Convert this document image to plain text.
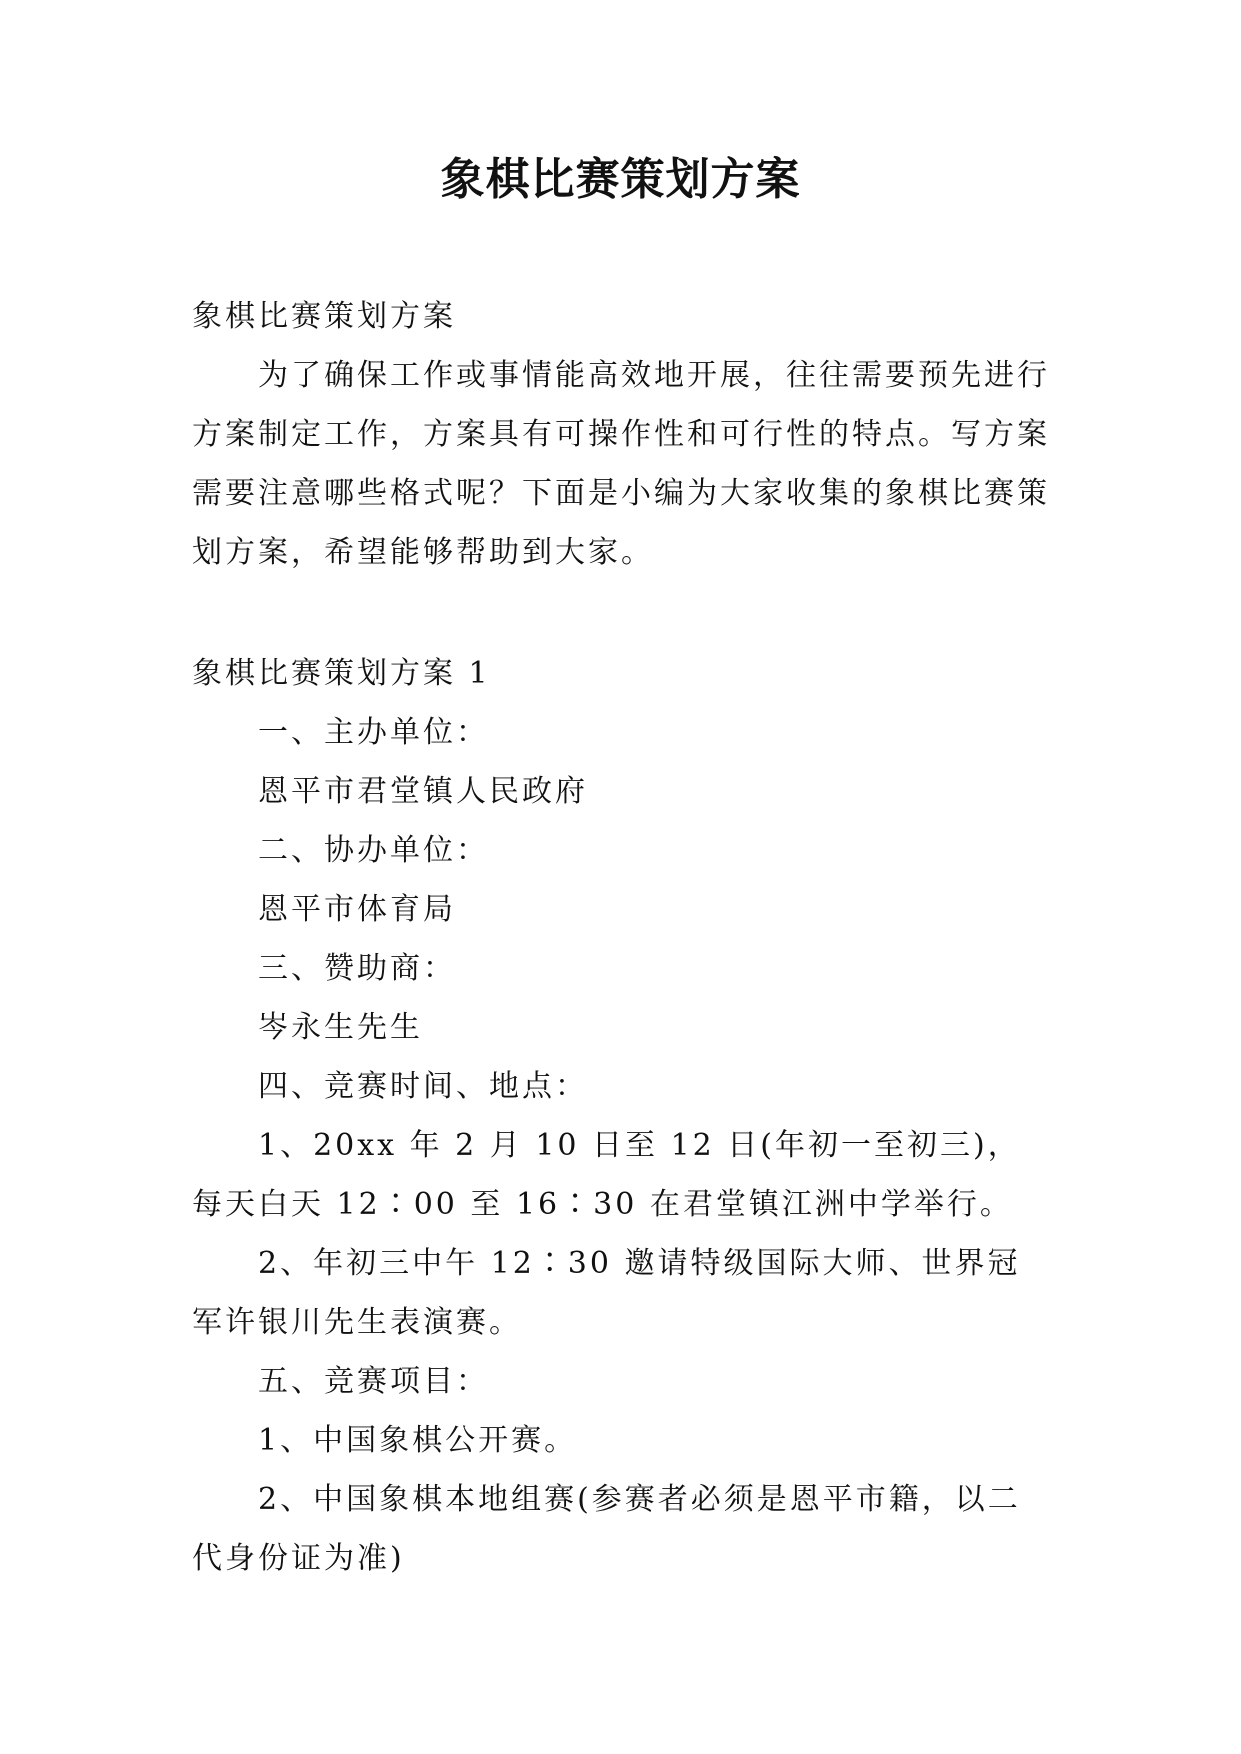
象棋比赛策划方案

象棋比赛策划方案

为了确保工作或事情能高效地开展，往往需要预先进行方案制定工作，方案具有可操作性和可行性的特点。写方案需要注意哪些格式呢？下面是小编为大家收集的象棋比赛策划方案，希望能够帮助到大家。

象棋比赛策划方案 1

一、主办单位：

恩平市君堂镇人民政府

二、协办单位：

恩平市体育局

三、赞助商：

岑永生先生

四、竞赛时间、地点：

1、20xx 年 2 月 10 日至 12 日(年初一至初三)，每天白天 12∶00 至 16∶30 在君堂镇江洲中学举行。

2、年初三中午 12∶30 邀请特级国际大师、世界冠军许银川先生表演赛。

五、竞赛项目：

1、中国象棋公开赛。

2、中国象棋本地组赛(参赛者必须是恩平市籍，以二代身份证为准)
